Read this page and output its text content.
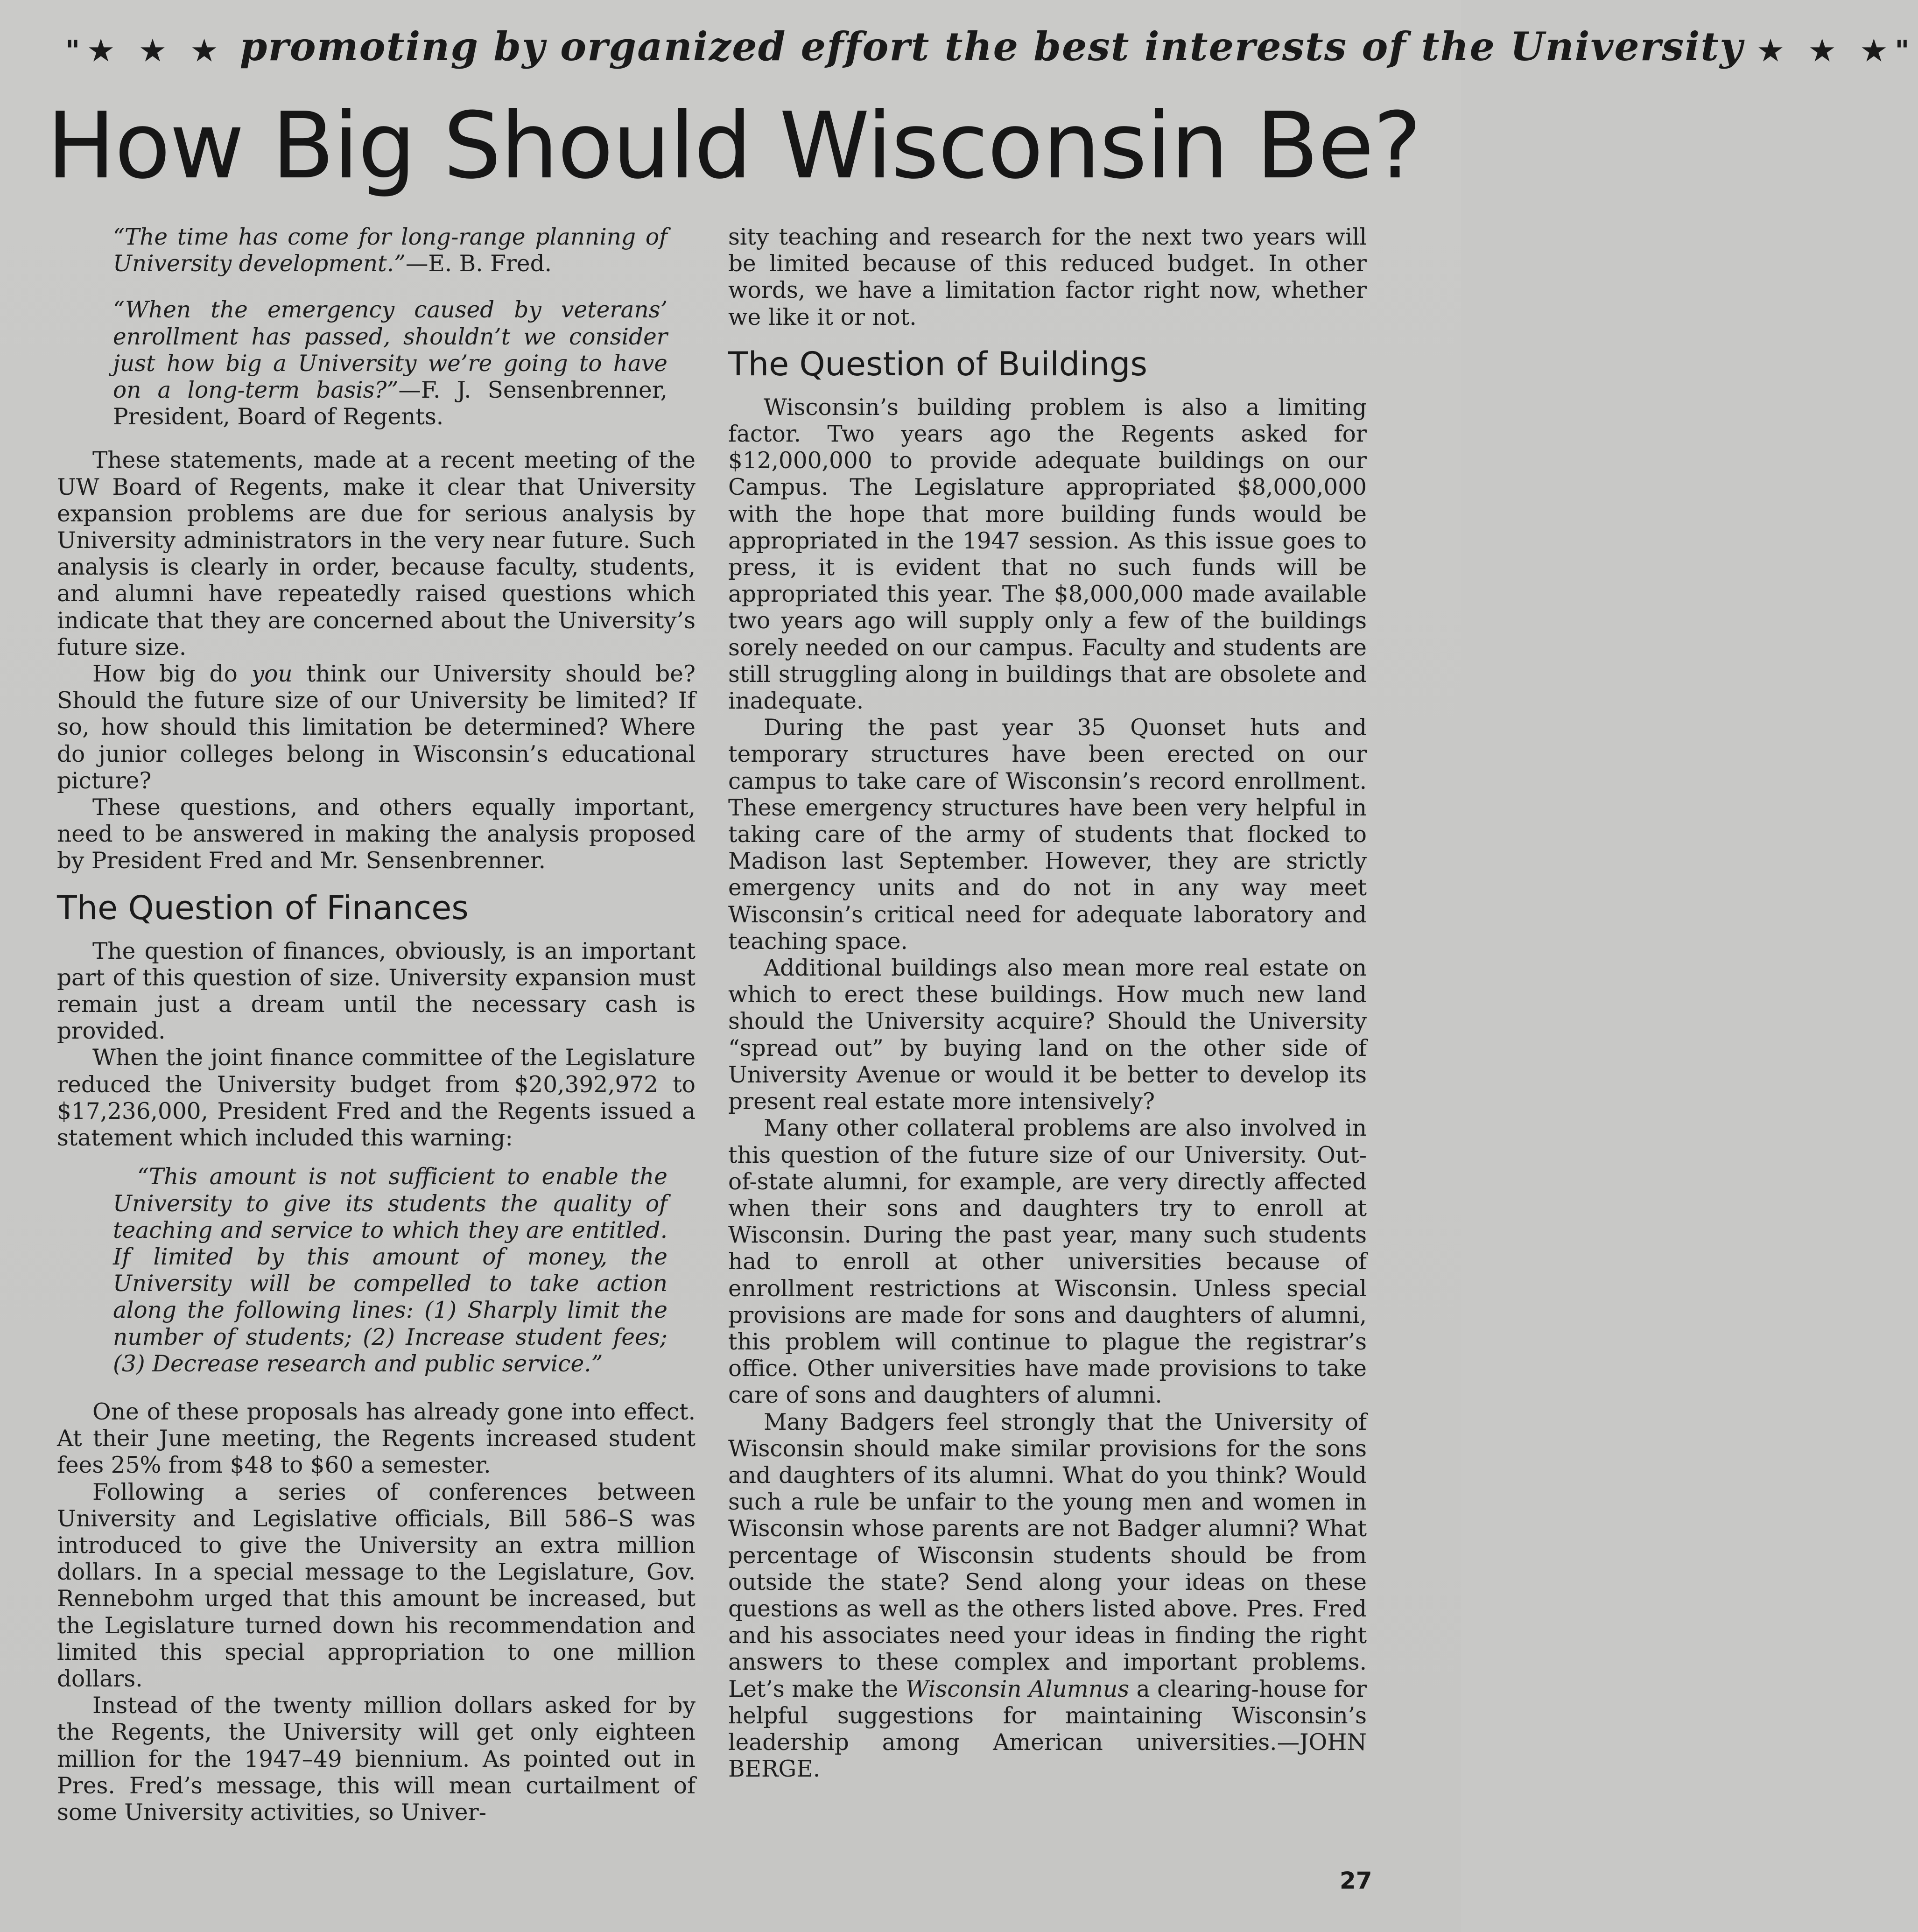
"★ ★ ★ promoting by organized effort the best interests of the University ★ ★ ★"
How Big Should Wisconsin Be?

“The time has come for long-range planning of University development.”—E. B. Fred.

“When the emergency caused by veterans’ enrollment has passed, shouldn’t we consider just how big a University we’re going to have on a long-term basis?”—F. J. Sensenbrenner, President, Board of Regents.

These statements, made at a recent meeting of the UW Board of Regents, make it clear that University expansion problems are due for serious analysis by University administrators in the very near future. Such analysis is clearly in order, because faculty, students, and alumni have repeatedly raised questions which indicate that they are concerned about the University’s future size.

How big do you think our University should be? Should the future size of our University be limited? If so, how should this limitation be determined? Where do junior colleges belong in Wisconsin’s educational picture?

These questions, and others equally important, need to be answered in making the analysis proposed by President Fred and Mr. Sensenbrenner.

The Question of Finances

The question of finances, obviously, is an important part of this question of size. University expansion must remain just a dream until the necessary cash is provided.

When the joint finance committee of the Legislature reduced the University budget from $20,392,972 to $17,236,000, President Fred and the Regents issued a statement which included this warning:

“This amount is not sufficient to enable the University to give its students the quality of teaching and service to which they are entitled. If limited by this amount of money, the University will be compelled to take action along the following lines: (1) Sharply limit the number of students; (2) Increase student fees; (3) Decrease research and public service.”

One of these proposals has already gone into effect. At their June meeting, the Regents increased student fees 25% from $48 to $60 a semester.

Following a series of conferences between University and Legislative officials, Bill 586–S was introduced to give the University an extra million dollars. In a special message to the Legislature, Gov. Rennebohm urged that this amount be increased, but the Legislature turned down his recommendation and limited this special appropriation to one million dollars.

Instead of the twenty million dollars asked for by the Regents, the University will get only eighteen million for the 1947–49 biennium. As pointed out in Pres. Fred’s message, this will mean curtailment of some University activities, so Univer-

sity teaching and research for the next two years will be limited because of this reduced budget. In other words, we have a limitation factor right now, whether we like it or not.

The Question of Buildings

Wisconsin’s building problem is also a limiting factor. Two years ago the Regents asked for $12,000,000 to provide adequate buildings on our Campus. The Legislature appropriated $8,000,000 with the hope that more building funds would be appropriated in the 1947 session. As this issue goes to press, it is evident that no such funds will be appropriated this year. The $8,000,000 made available two years ago will supply only a few of the buildings sorely needed on our campus. Faculty and students are still struggling along in buildings that are obsolete and inadequate.

During the past year 35 Quonset huts and temporary structures have been erected on our campus to take care of Wisconsin’s record enrollment. These emergency structures have been very helpful in taking care of the army of students that flocked to Madison last September. However, they are strictly emergency units and do not in any way meet Wisconsin’s critical need for adequate laboratory and teaching space.

Additional buildings also mean more real estate on which to erect these buildings. How much new land should the University acquire? Should the University “spread out” by buying land on the other side of University Avenue or would it be better to develop its present real estate more intensively?

Many other collateral problems are also involved in this question of the future size of our University. Out-of-state alumni, for example, are very directly affected when their sons and daughters try to enroll at Wisconsin. During the past year, many such students had to enroll at other universities because of enrollment restrictions at Wisconsin. Unless special provisions are made for sons and daughters of alumni, this problem will continue to plague the registrar’s office. Other universities have made provisions to take care of sons and daughters of alumni.

Many Badgers feel strongly that the University of Wisconsin should make similar provisions for the sons and daughters of its alumni. What do you think? Would such a rule be unfair to the young men and women in Wisconsin whose parents are not Badger alumni? What percentage of Wisconsin students should be from outside the state? Send along your ideas on these questions as well as the others listed above. Pres. Fred and his associates need your ideas in finding the right answers to these complex and important problems. Let’s make the Wisconsin Alumnus a clearing-house for helpful suggestions for maintaining Wisconsin’s leadership among American universities.—JOHN BERGE.

27
